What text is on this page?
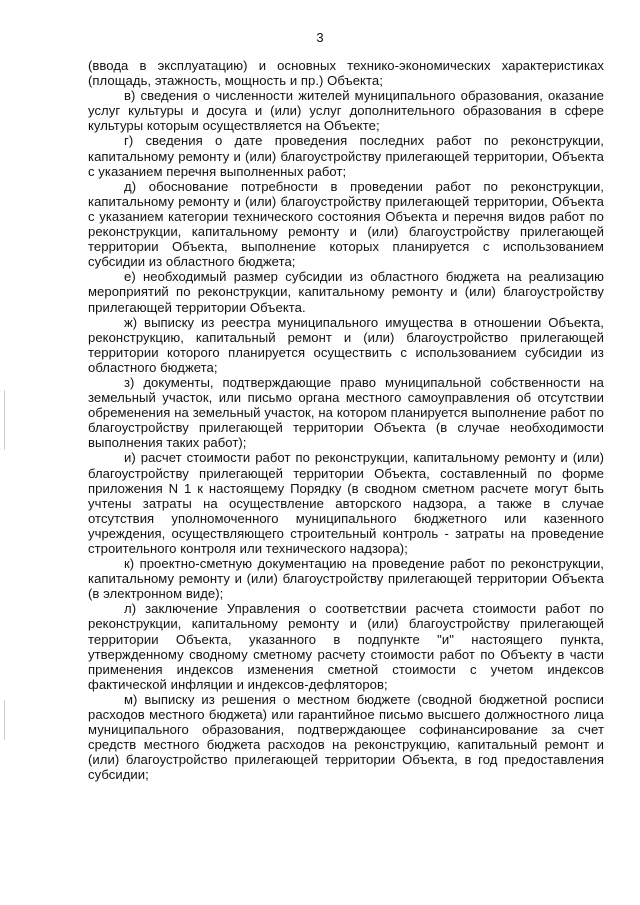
3

(ввода в эксплуатацию) и основных технико-экономических характеристиках (площадь, этажность, мощность и пр.) Объекта;

в) сведения о численности жителей муниципального образования, оказание услуг культуры и досуга и (или) услуг дополнительного образования в сфере культуры которым осуществляется на Объекте;

г) сведения о дате проведения последних работ по реконструкции, капитальному ремонту и (или) благоустройству прилегающей территории, Объекта с указанием перечня выполненных работ;

д) обоснование потребности в проведении работ по реконструкции, капитальному ремонту и (или) благоустройству прилегающей территории, Объекта с указанием категории технического состояния Объекта и перечня видов работ по реконструкции, капитальному ремонту и (или) благоустройству прилегающей территории Объекта, выполнение которых планируется с использованием субсидии из областного бюджета;

е) необходимый размер субсидии из областного бюджета на реализацию мероприятий по реконструкции, капитальному ремонту и (или) благоустройству прилегающей территории Объекта.

ж) выписку из реестра муниципального имущества в отношении Объекта, реконструкцию, капитальный ремонт и (или) благоустройство прилегающей территории которого планируется осуществить с использованием субсидии из областного бюджета;

з) документы, подтверждающие право муниципальной собственности на земельный участок, или письмо органа местного самоуправления об отсутствии обременения на земельный участок, на котором планируется выполнение работ по благоустройству прилегающей территории Объекта (в случае необходимости выполнения таких работ);

и) расчет стоимости работ по реконструкции, капитальному ремонту и (или) благоустройству прилегающей территории Объекта, составленный по форме приложения N 1 к настоящему Порядку (в сводном сметном расчете могут быть учтены затраты на осуществление авторского надзора, а также в случае отсутствия уполномоченного муниципального бюджетного или казенного учреждения, осуществляющего строительный контроль - затраты на проведение строительного контроля или технического надзора);

к) проектно-сметную документацию на проведение работ по реконструкции, капитальному ремонту и (или) благоустройству прилегающей территории Объекта (в электронном виде);

л) заключение Управления о соответствии расчета стоимости работ по реконструкции, капитальному ремонту и (или) благоустройству прилегающей территории Объекта, указанного в подпункте "и" настоящего пункта, утвержденному сводному сметному расчету стоимости работ по Объекту в части применения индексов изменения сметной стоимости с учетом индексов фактической инфляции и индексов-дефляторов;

м) выписку из решения о местном бюджете (сводной бюджетной росписи расходов местного бюджета) или гарантийное письмо высшего должностного лица муниципального образования, подтверждающее софинансирование за счет средств местного бюджета расходов на реконструкцию, капитальный ремонт и (или) благоустройство прилегающей территории Объекта, в год предоставления субсидии;
